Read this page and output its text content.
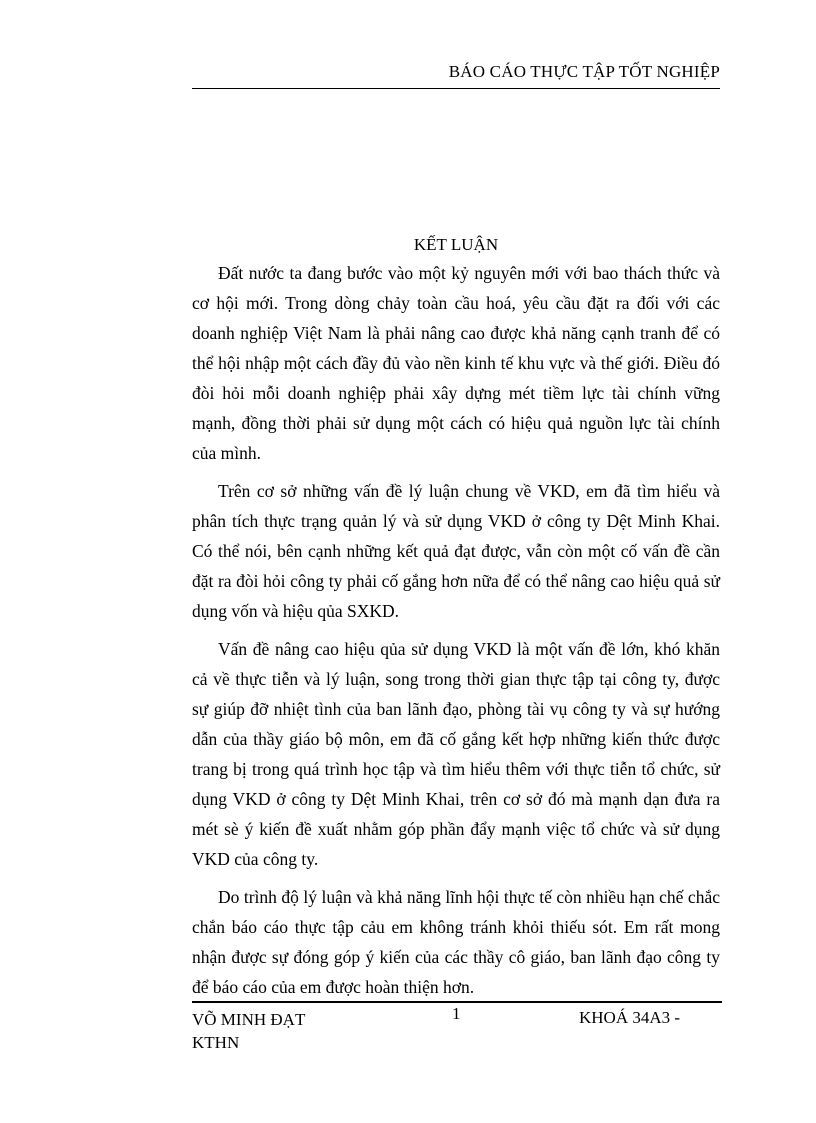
BÁO CÁO THỰC TẬP TỐT NGHIỆP

KẾT LUẬN

Đất nước ta đang bước vào một kỷ nguyên mới với bao thách thức và cơ hội mới. Trong dòng chảy toàn cầu hoá, yêu cầu đặt ra đối với các doanh nghiệp Việt Nam là phải nâng cao được khả năng cạnh tranh để có thể hội nhập một cách đầy đủ vào nền kinh tế khu vực và thế giới. Điều đó đòi hỏi mỗi doanh nghiệp phải xây dựng mét tiềm lực tài chính vững mạnh, đồng thời phải sử dụng một cách có hiệu quả nguồn lực tài chính của mình.

Trên cơ sở những vấn đề lý luận chung về VKD, em đã tìm hiểu và phân tích thực trạng quản lý và sử dụng VKD ở công ty Dệt Minh Khai. Có thể nói, bên cạnh những kết quả đạt được, vẫn còn một cố vấn đề cần đặt ra đòi hỏi công ty phải cố gắng hơn nữa để có thể nâng cao hiệu quả sử dụng vốn và hiệu qủa SXKD.

Vấn đề nâng cao hiệu qủa sử dụng VKD là một vấn đề lớn, khó khăn cả về thực tiễn và lý luận, song trong thời gian thực tập tại công ty, được sự giúp đỡ nhiệt tình của ban lãnh đạo, phòng tài vụ công ty và sự hướng dẫn của thầy giáo bộ môn, em đã cố gắng kết hợp những kiến thức được trang bị trong quá trình học tập và tìm hiểu thêm với thực tiễn tổ chức, sử dụng VKD ở công ty Dệt Minh Khai, trên cơ sở đó mà mạnh dạn đưa ra mét sè ý kiến đề xuất nhằm góp phần đẩy mạnh việc tổ chức và sử dụng VKD của công ty.

Do trình độ lý luận và khả năng lĩnh hội thực tế còn nhiều hạn chế chắc chắn báo cáo thực tập cảu em không tránh khỏi thiếu sót. Em rất mong nhận được sự đóng góp ý kiến của các thầy cô giáo, ban lãnh đạo công ty để báo cáo của em được hoàn thiện hơn.

VÕ MINH ĐẠT
KTHN
1	KHOÁ 34A3 -
